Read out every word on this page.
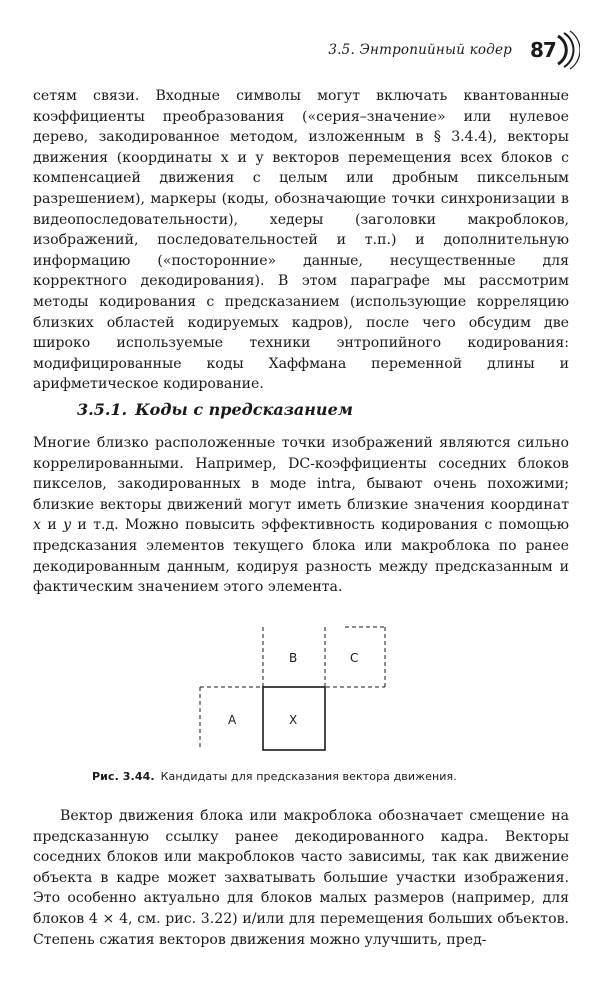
3.5. Энтропийный кодер 87

сетям связи. Входные символы могут включать квантованные коэффициенты преобразования («серия–значение» или нулевое дерево, закодированное методом, изложенным в § 3.4.4), векторы движения (координаты x и y векторов перемещения всех блоков с компенсацией движения с целым или дробным пиксельным разрешением), маркеры (коды, обозначающие точки синхронизации в видеопоследовательности), хедеры (заголовки макроблоков, изображений, последовательностей и т.п.) и дополнительную информацию («посторонние» данные, несущественные для корректного декодирования). В этом параграфе мы рассмотрим методы кодирования с предсказанием (использующие корреляцию близких областей кодируемых кадров), после чего обсудим две широко используемые техники энтропийного кодирования: модифицированные коды Хаффмана переменной длины и арифметическое кодирование.

3.5.1. Коды с предсказанием

Многие близко расположенные точки изображений являются сильно коррелированными. Например, DC-коэффициенты соседних блоков пикселов, закодированных в моде intra, бывают очень похожими; близкие векторы движений могут иметь близкие значения координат x и y и т.д. Можно повысить эффективность кодирования с помощью предсказания элементов текущего блока или макроблока по ранее декодированным данным, кодируя разность между предсказанным и фактическим значением этого элемента.

B	C
A	X
Рис. 3.44. Кандидаты для предсказания вектора движения.

Вектор движения блока или макроблока обозначает смещение на предсказанную ссылку ранее декодированного кадра. Векторы соседних блоков или макроблоков часто зависимы, так как движение объекта в кадре может захватывать большие участки изображения. Это особенно актуально для блоков малых размеров (например, для блоков 4 × 4, см. рис. 3.22) и/или для перемещения больших объектов. Степень сжатия векторов движения можно улучшить, пред-
